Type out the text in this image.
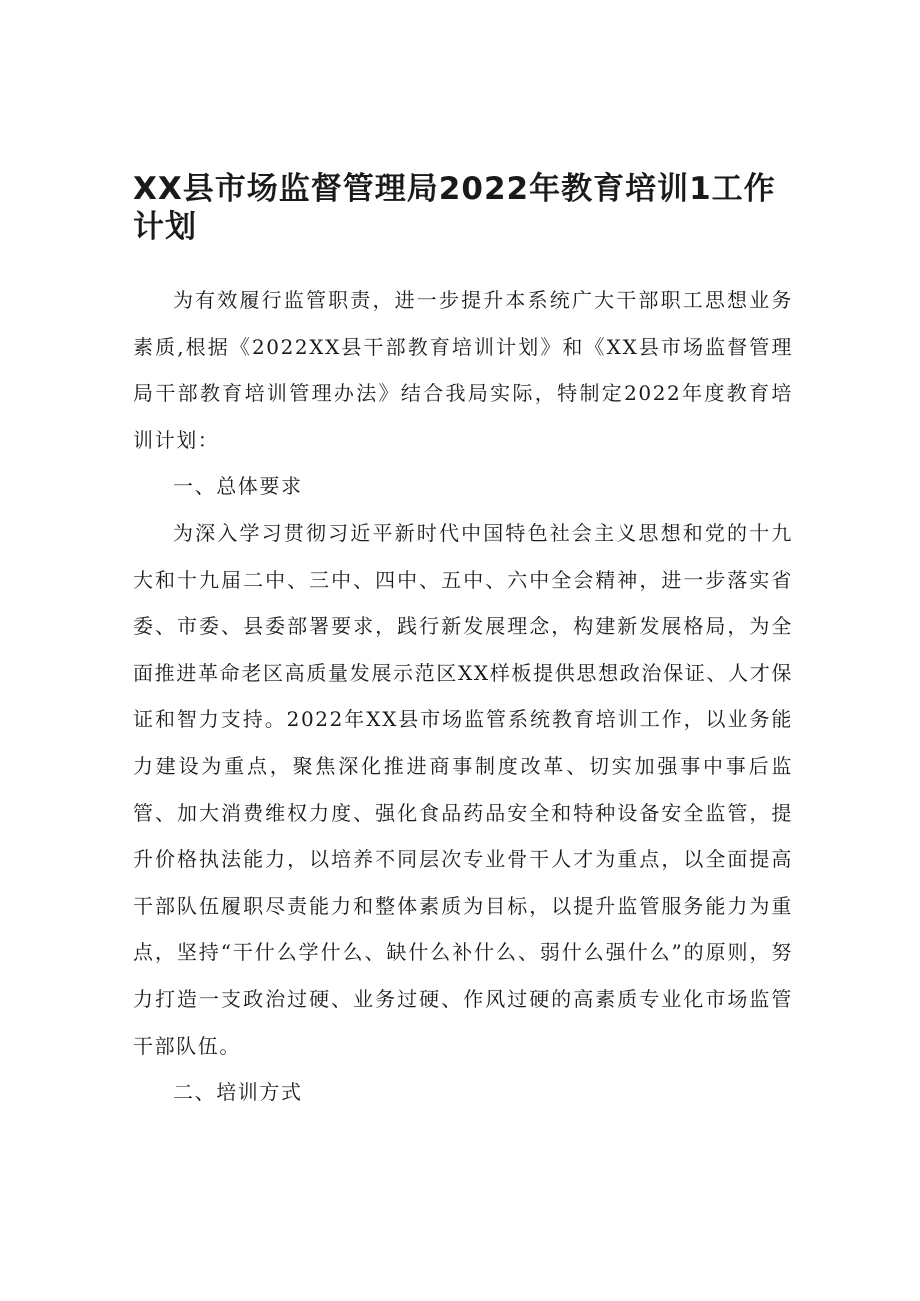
XX县市场监督管理局2022年教育培训1工作计划

为有效履行监管职责，进一步提升本系统广大干部职工思想业务素质,根据《2022XX县干部教育培训计划》和《XX县市场监督管理局干部教育培训管理办法》结合我局实际，特制定2022年度教育培训计划：

一、总体要求

为深入学习贯彻习近平新时代中国特色社会主义思想和党的十九大和十九届二中、三中、四中、五中、六中全会精神，进一步落实省委、市委、县委部署要求，践行新发展理念，构建新发展格局，为全面推进革命老区高质量发展示范区XX样板提供思想政治保证、人才保证和智力支持。2022年XX县市场监管系统教育培训工作，以业务能力建设为重点，聚焦深化推进商事制度改革、切实加强事中事后监管、加大消费维权力度、强化食品药品安全和特种设备安全监管，提升价格执法能力，以培养不同层次专业骨干人才为重点，以全面提高干部队伍履职尽责能力和整体素质为目标，以提升监管服务能力为重点，坚持“干什么学什么、缺什么补什么、弱什么强什么”的原则，努力打造一支政治过硬、业务过硬、作风过硬的高素质专业化市场监管干部队伍。

二、培训方式
